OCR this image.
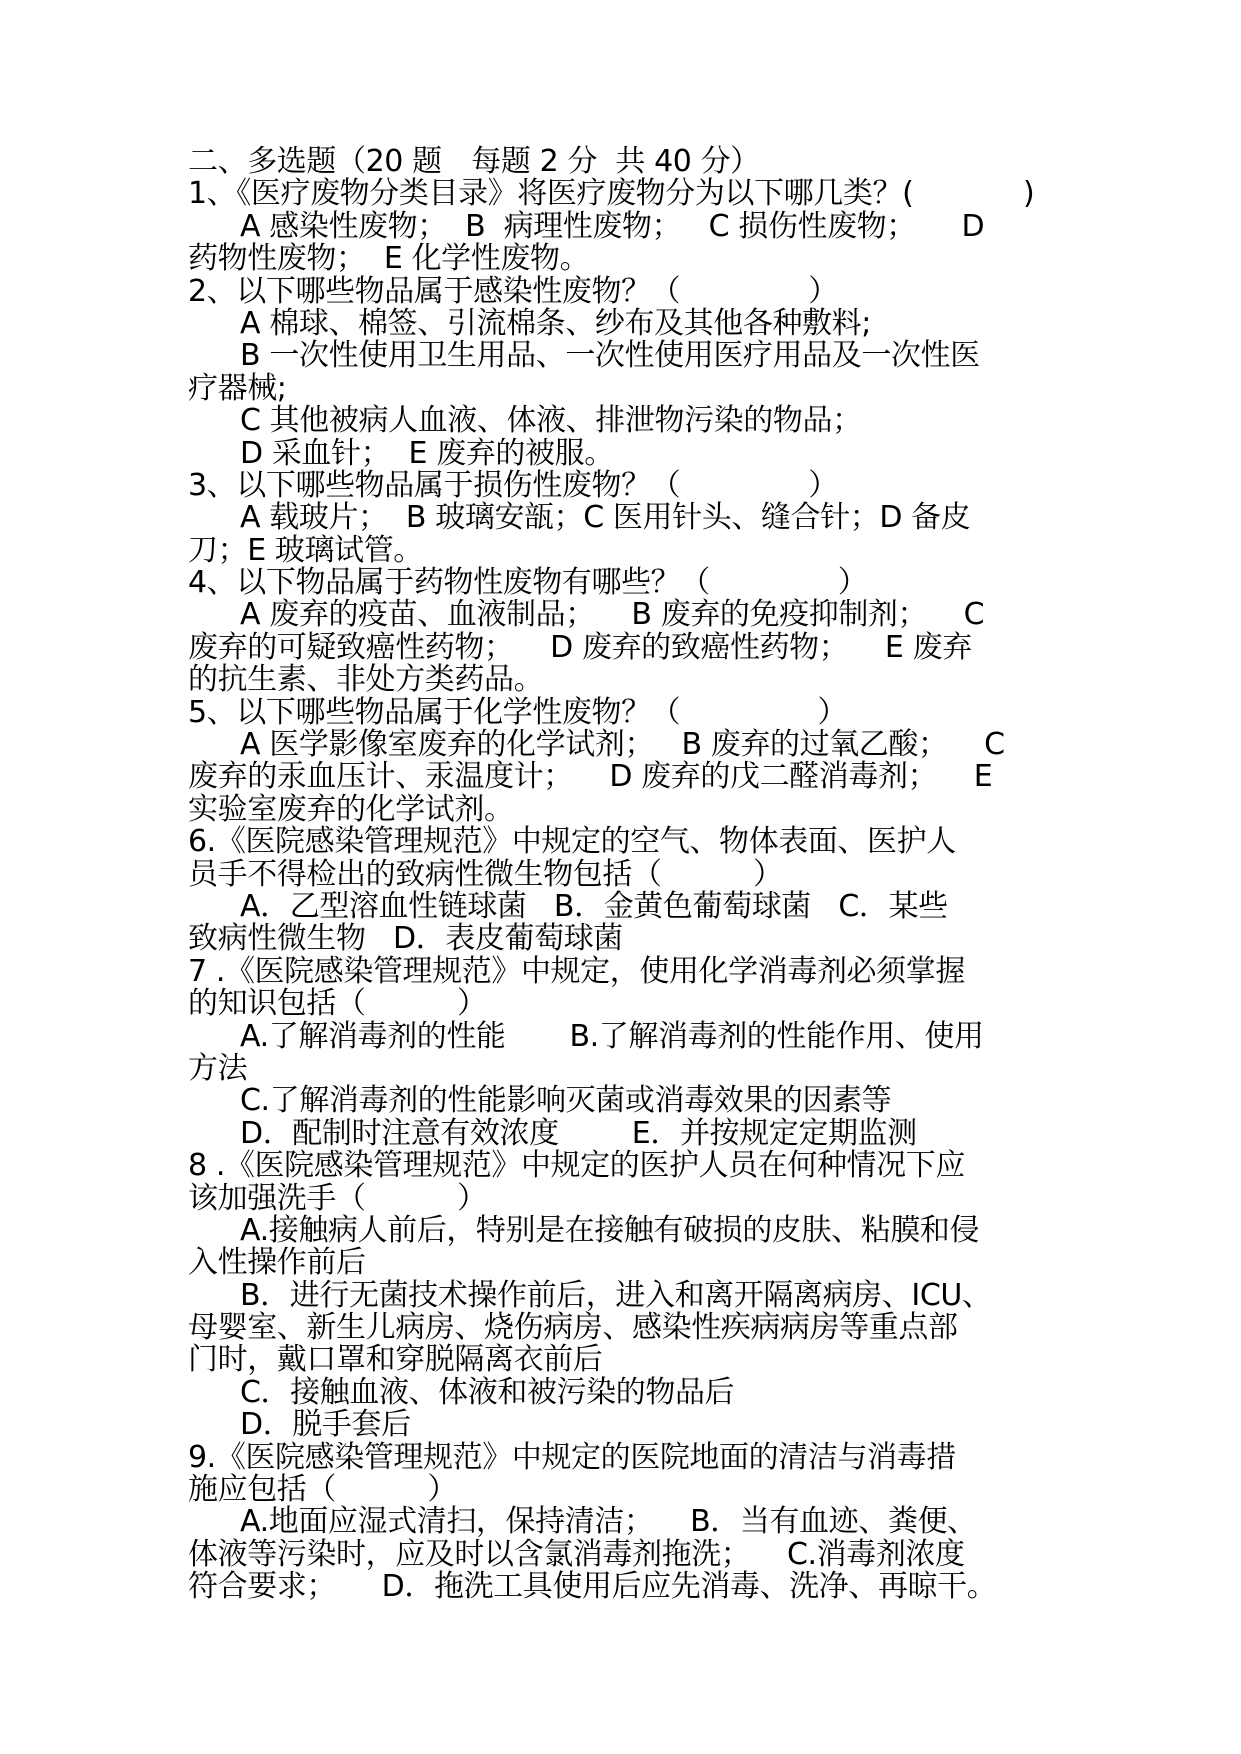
二、多选题（20 题　每题 2 分  共 40 分）
1、《医疗废物分类目录》将医疗废物分为以下哪几类？(            )
A 感染性废物；  B  病理性废物；   C 损伤性废物；     D
药物性废物；  E 化学性废物。
2、以下哪些物品属于感染性废物？（              ）
A 棉球、棉签、引流棉条、纱布及其他各种敷料;
B 一次性使用卫生用品、一次性使用医疗用品及一次性医
疗器械;
C 其他被病人血液、体液、排泄物污染的物品；
D 采血针；  E 废弃的被服。
3、以下哪些物品属于损伤性废物？（              ）
A 载玻片；  B 玻璃安瓿；C 医用针头、缝合针；D 备皮
刀；E 玻璃试管。
4、以下物品属于药物性废物有哪些？（              ）
A 废弃的疫苗、血液制品；    B 废弃的免疫抑制剂；    C
废弃的可疑致癌性药物；    D 废弃的致癌性药物；    E 废弃
的抗生素、非处方类药品。
5、以下哪些物品属于化学性废物？（               ）
A 医学影像室废弃的化学试剂；   B 废弃的过氧乙酸；    C
废弃的汞血压计、汞温度计；    D 废弃的戊二醛消毒剂；    E
实验室废弃的化学试剂。
6.《医院感染管理规范》中规定的空气、物体表面、医护人
员手不得检出的致病性微生物包括（          ）
A．乙型溶血性链球菌   B．金黄色葡萄球菌   C．某些
致病性微生物   D．表皮葡萄球菌
7 .《医院感染管理规范》中规定，使用化学消毒剂必须掌握
的知识包括（          ）
A.了解消毒剂的性能       B.了解消毒剂的性能作用、使用
方法
C.了解消毒剂的性能影响灭菌或消毒效果的因素等
D．配制时注意有效浓度        E．并按规定定期监测
8 .《医院感染管理规范》中规定的医护人员在何种情况下应
该加强洗手（          ）
A.接触病人前后，特别是在接触有破损的皮肤、粘膜和侵
入性操作前后
B．进行无菌技术操作前后，进入和离开隔离病房、ICU、
母婴室、新生儿病房、烧伤病房、感染性疾病病房等重点部
门时，戴口罩和穿脱隔离衣前后
C．接触血液、体液和被污染的物品后
D．脱手套后
9.《医院感染管理规范》中规定的医院地面的清洁与消毒措
施应包括（          ）
A.地面应湿式清扫，保持清洁；    B．当有血迹、粪便、
体液等污染时，应及时以含氯消毒剂拖洗；    C.消毒剂浓度
符合要求；     D．拖洗工具使用后应先消毒、洗净、再晾干。
